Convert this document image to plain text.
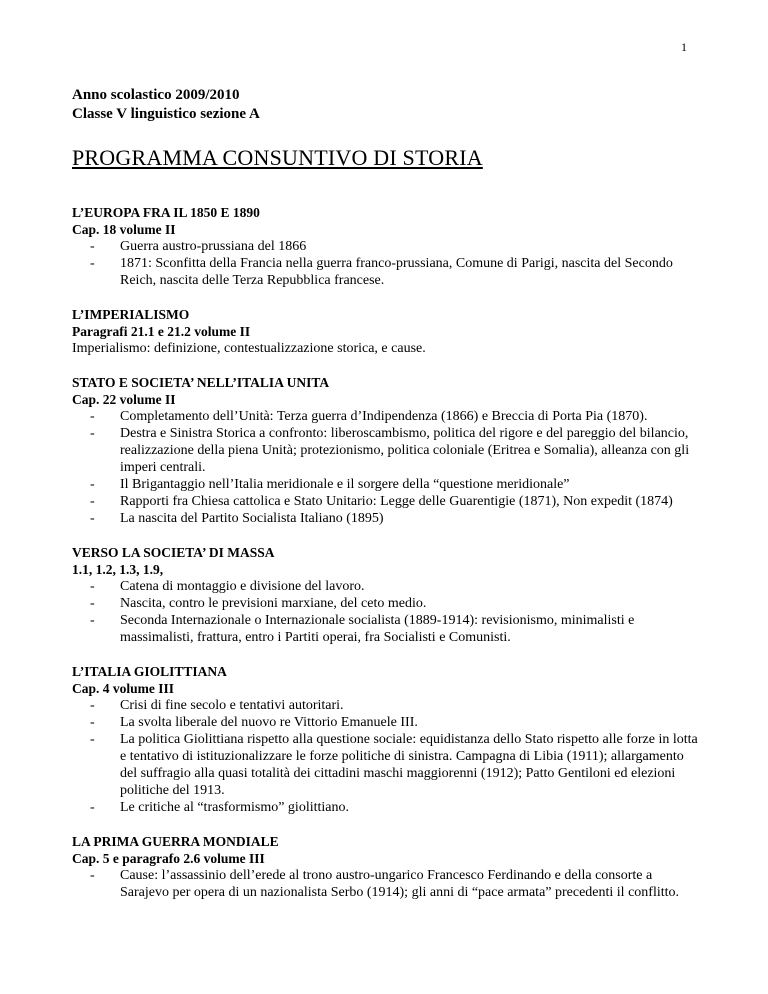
1
Anno scolastico 2009/2010
Classe V linguistico sezione A
PROGRAMMA CONSUNTIVO DI STORIA
L’EUROPA FRA IL 1850 E 1890
Cap. 18 volume II
- Guerra austro-prussiana del 1866
- 1871: Sconfitta della Francia nella guerra franco-prussiana, Comune di Parigi, nascita del Secondo Reich, nascita delle Terza Repubblica francese.
L’IMPERIALISMO
Paragrafi 21.1 e 21.2 volume II
Imperialismo: definizione, contestualizzazione storica, e cause.
STATO E SOCIETA’ NELL’ITALIA UNITA
Cap. 22 volume II
- Completamento dell’Unità: Terza guerra d’Indipendenza (1866) e Breccia di Porta Pia (1870).
- Destra e Sinistra Storica a confronto: liberoscambismo, politica del rigore e del pareggio del bilancio, realizzazione della piena Unità; protezionismo, politica coloniale (Eritrea e Somalia), alleanza con gli imperi centrali.
- Il Brigantaggio nell’Italia meridionale e il sorgere della “questione meridionale”
- Rapporti fra Chiesa cattolica e Stato Unitario: Legge delle Guarentigie (1871), Non expedit (1874)
- La nascita del Partito Socialista Italiano (1895)
VERSO LA SOCIETA’ DI MASSA
1.1, 1.2, 1.3, 1.9,
- Catena di montaggio e divisione del lavoro.
- Nascita, contro le previsioni marxiane, del ceto medio.
- Seconda Internazionale o Internazionale socialista (1889-1914): revisionismo, minimalisti e massimalisti, frattura, entro i Partiti operai, fra Socialisti e Comunisti.
L’ITALIA GIOLITTIANA
Cap. 4 volume III
- Crisi di fine secolo e tentativi autoritari.
- La svolta liberale del nuovo re Vittorio Emanuele III.
- La politica Giolittiana rispetto alla questione sociale: equidistanza dello Stato rispetto alle forze in lotta e tentativo di istituzionalizzare le forze politiche di sinistra. Campagna di Libia (1911); allargamento del suffragio alla quasi totalità dei cittadini maschi maggiorenni (1912); Patto Gentiloni ed elezioni politiche del 1913.
- Le critiche al “trasformismo” giolittiano.
LA PRIMA GUERRA MONDIALE
Cap. 5 e paragrafo 2.6 volume III
- Cause: l’assassinio dell’erede al trono austro-ungarico Francesco Ferdinando e della consorte a Sarajevo per opera di un nazionalista Serbo (1914); gli anni di “pace armata” precedenti il conflitto.
